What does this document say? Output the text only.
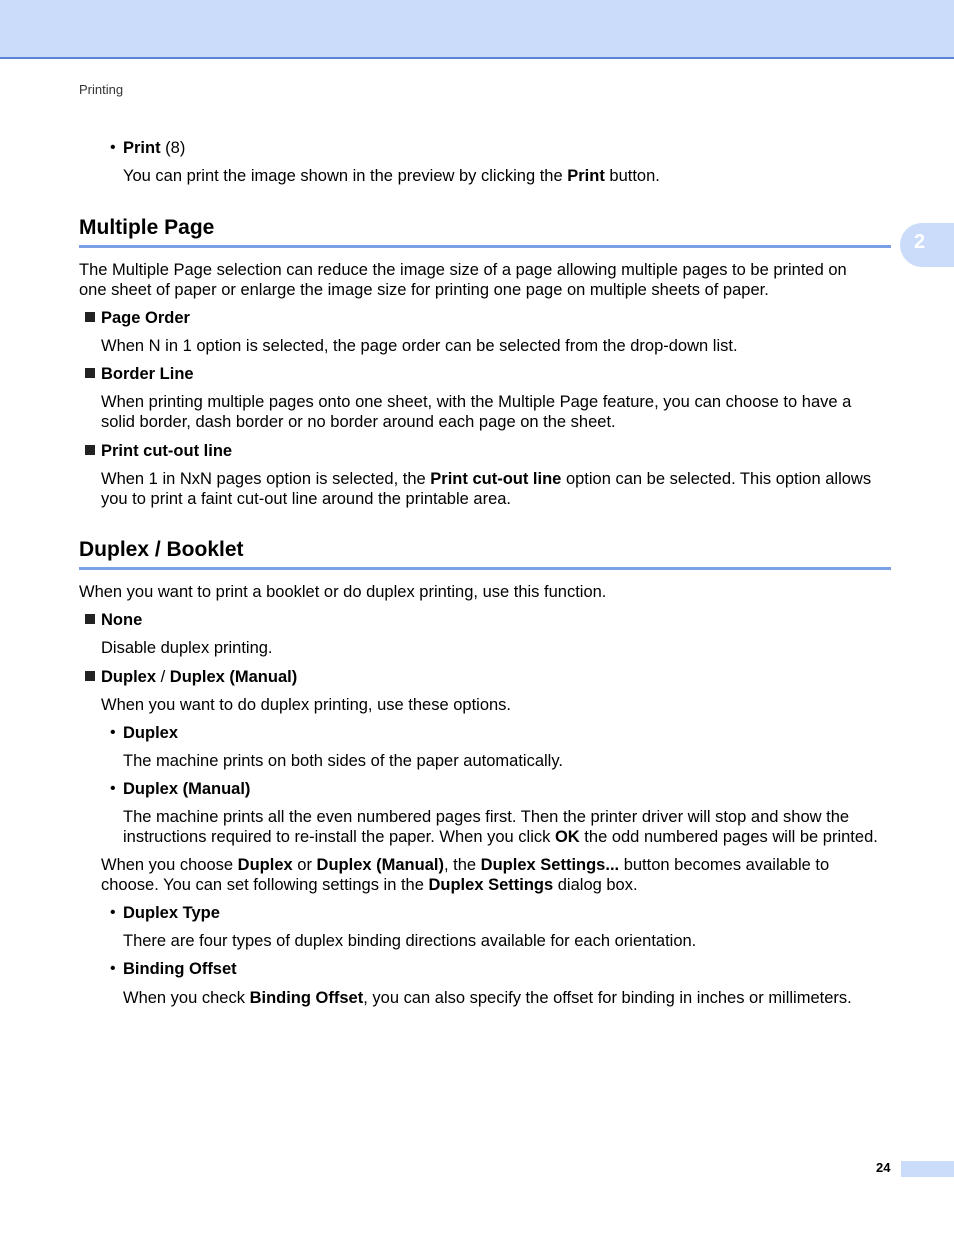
Printing
2
• Print (8)
You can print the image shown in the preview by clicking the Print button.
Multiple Page
The Multiple Page selection can reduce the image size of a page allowing multiple pages to be printed on
one sheet of paper or enlarge the image size for printing one page on multiple sheets of paper.
Page Order
When N in 1 option is selected, the page order can be selected from the drop-down list.
Border Line
When printing multiple pages onto one sheet, with the Multiple Page feature, you can choose to have a
solid border, dash border or no border around each page on the sheet.
Print cut-out line
When 1 in NxN pages option is selected, the Print cut-out line option can be selected. This option allows
you to print a faint cut-out line around the printable area.
Duplex / Booklet
When you want to print a booklet or do duplex printing, use this function.
None
Disable duplex printing.
Duplex / Duplex (Manual)
When you want to do duplex printing, use these options.
• Duplex
The machine prints on both sides of the paper automatically.
• Duplex (Manual)
The machine prints all the even numbered pages first. Then the printer driver will stop and show the
instructions required to re-install the paper. When you click OK the odd numbered pages will be printed.
When you choose Duplex or Duplex (Manual), the Duplex Settings... button becomes available to
choose. You can set following settings in the Duplex Settings dialog box.
• Duplex Type
There are four types of duplex binding directions available for each orientation.
• Binding Offset
When you check Binding Offset, you can also specify the offset for binding in inches or millimeters.
24
